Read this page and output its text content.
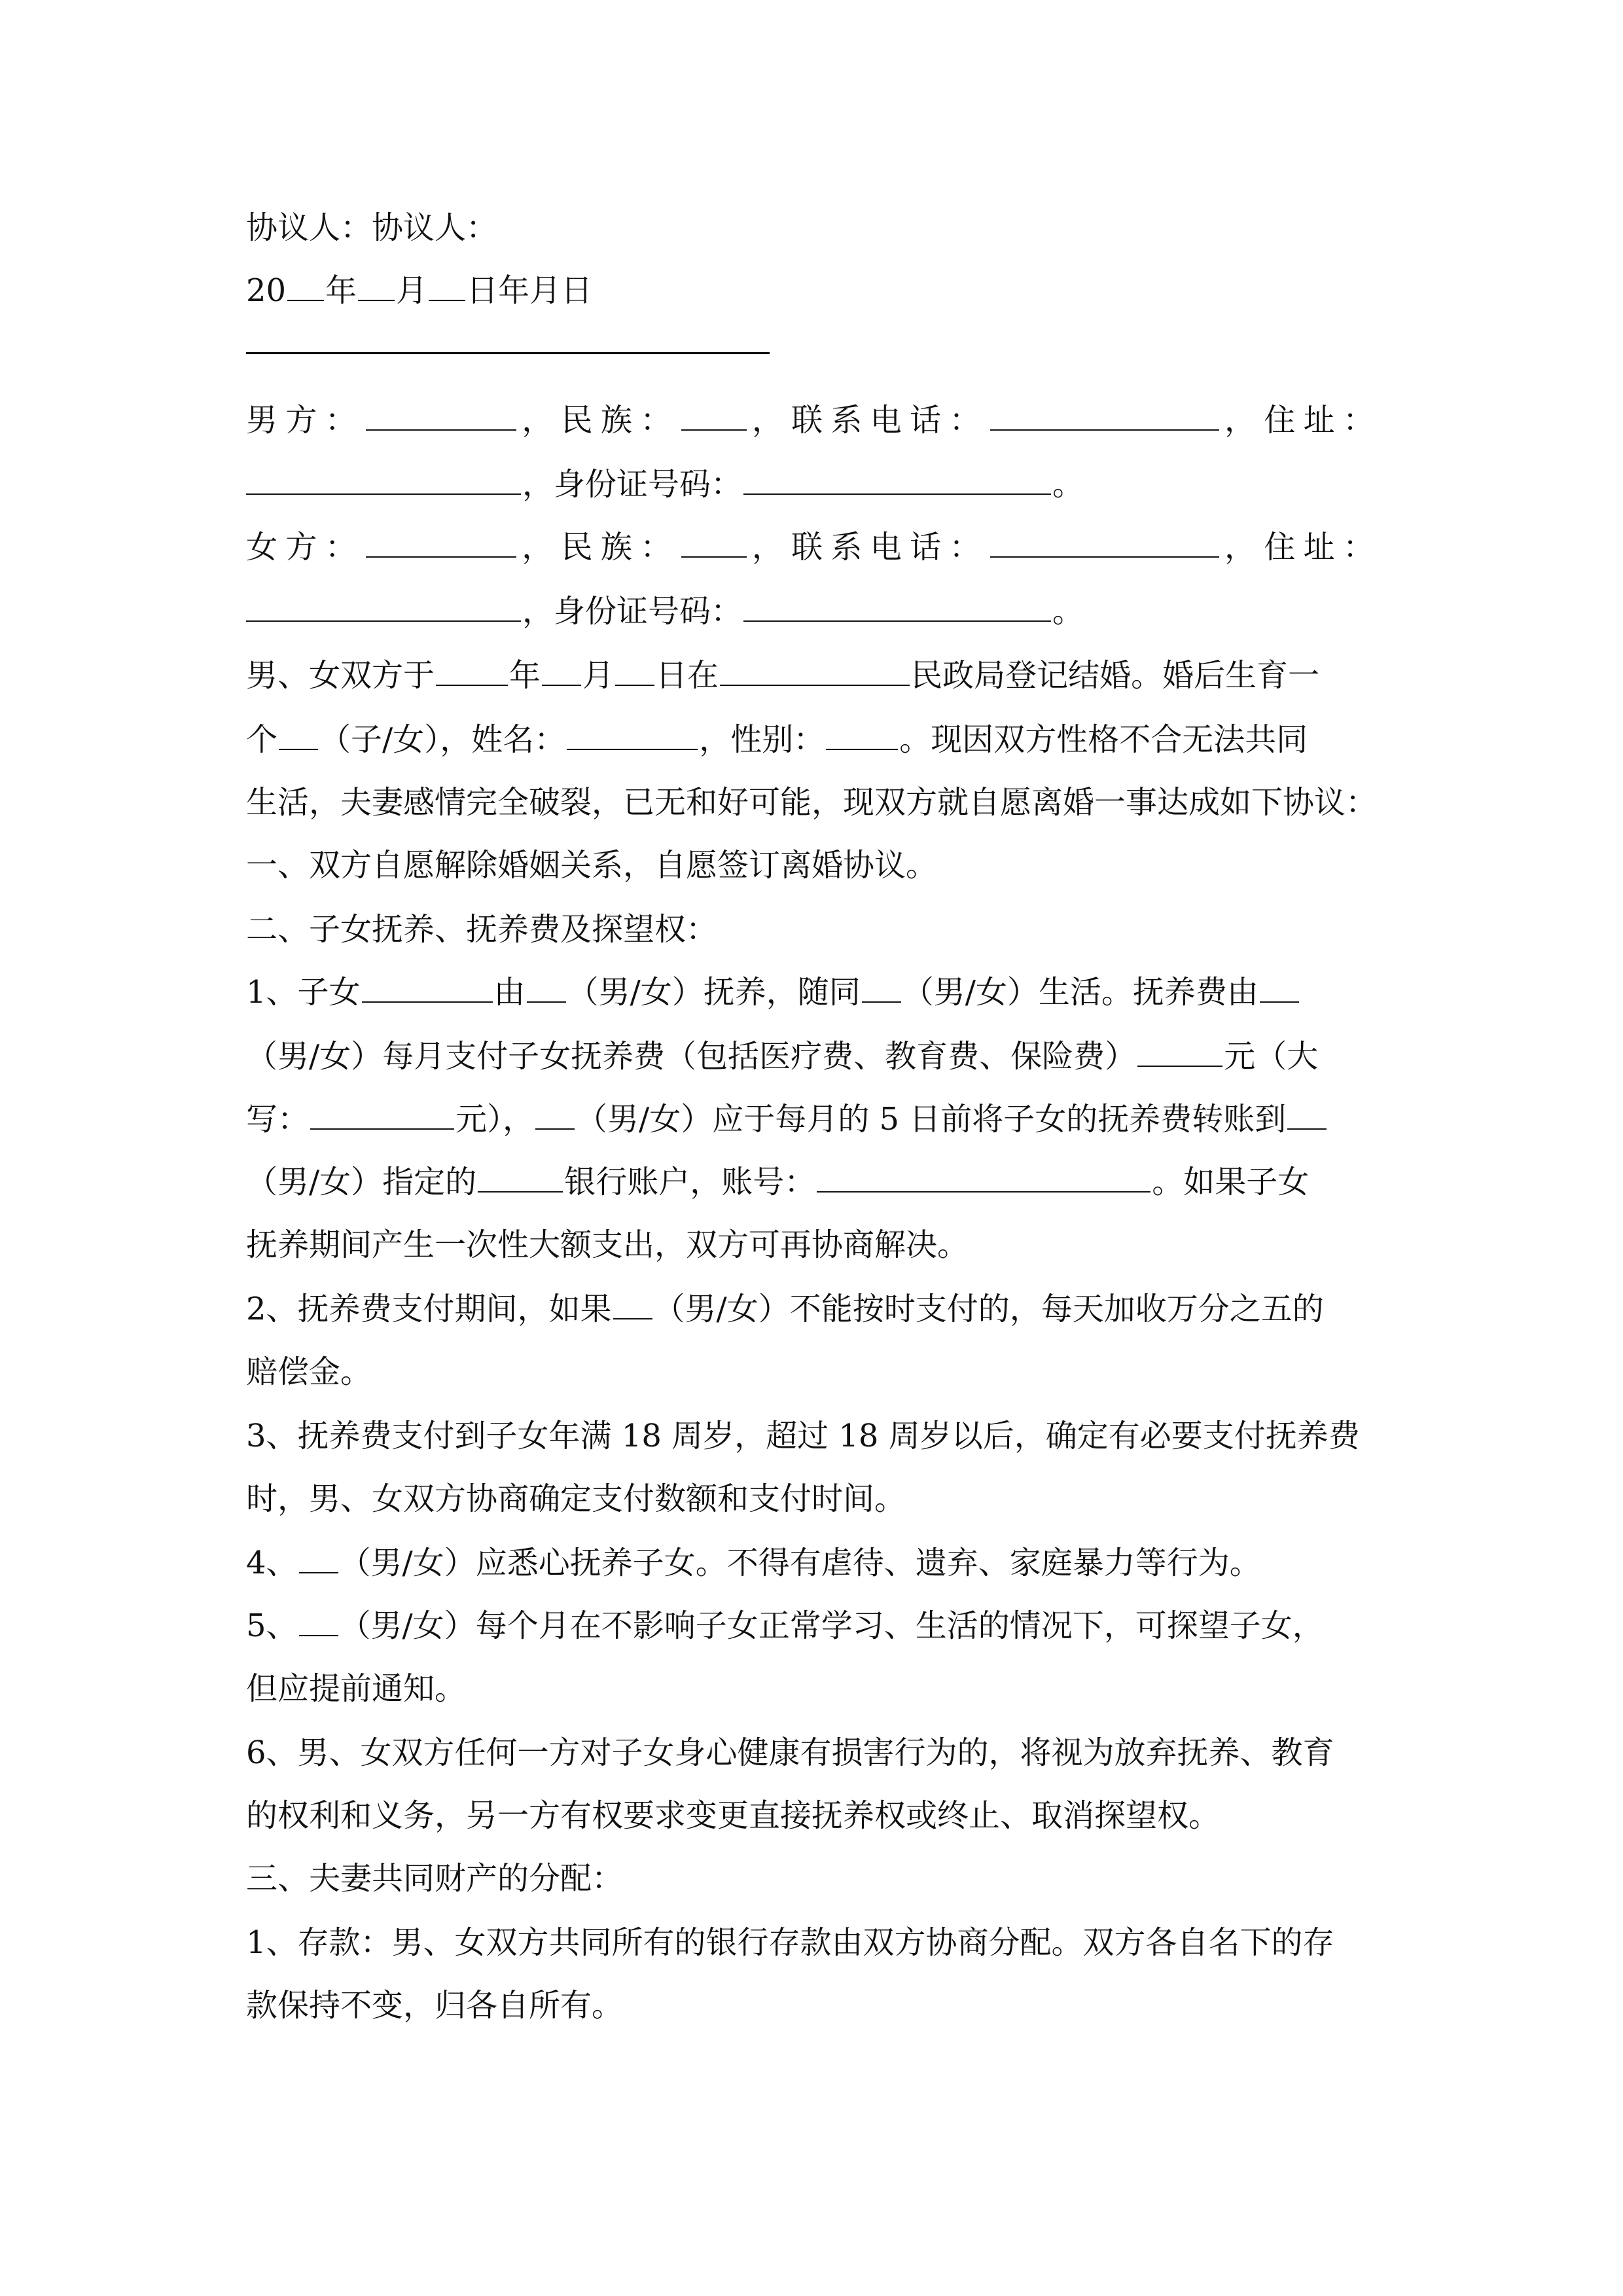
协议人：协议人：
20 年 月 日年月日
男方：	，民族： ，联系电话：	，住址：
，身份证号码：	。
女方：	，民族： ，联系电话：	，住址：
，身份证号码：	。
男、女双方于 年 月 日在	民政局登记结婚。婚后生育一
个 （子/女），姓名：	，性别： 。现因双方性格不合无法共同
生活，夫妻感情完全破裂，已无和好可能，现双方就自愿离婚一事达成如下协议：
一、双方自愿解除婚姻关系，自愿签订离婚协议。
二、子女抚养、抚养费及探望权：
1、子女	由 （男/女）抚养，随同 （男/女）生活。抚养费由
（男/女）每月支付子女抚养费（包括医疗费、教育费、保险费）	元（大
写：	元）， （男/女）应于每月的 5 日前将子女的抚养费转账到
（男/女）指定的	银行账户，账号：	。如果子女
抚养期间产生一次性大额支出，双方可再协商解决。
2、抚养费支付期间，如果 （男/女）不能按时支付的，每天加收万分之五的
赔偿金。
3、抚养费支付到子女年满 18 周岁，超过 18 周岁以后，确定有必要支付抚养费
时，男、女双方协商确定支付数额和支付时间。
4、 （男/女）应悉心抚养子女。不得有虐待、遗弃、家庭暴力等行为。
5、 （男/女）每个月在不影响子女正常学习、生活的情况下，可探望子女，
但应提前通知。
6、男、女双方任何一方对子女身心健康有损害行为的，将视为放弃抚养、教育
的权利和义务，另一方有权要求变更直接抚养权或终止、取消探望权。
三、夫妻共同财产的分配：
1、存款：男、女双方共同所有的银行存款由双方协商分配。双方各自名下的存
款保持不变，归各自所有。
